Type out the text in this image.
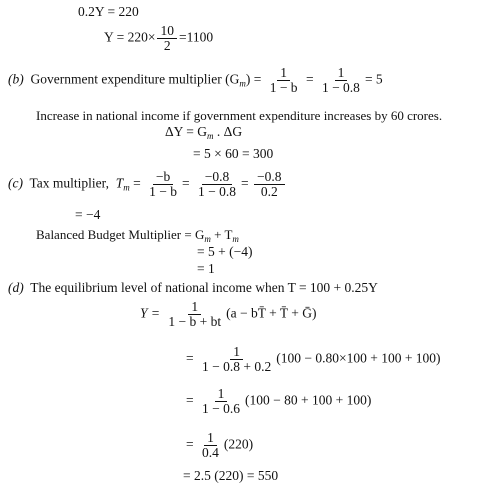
0.2Y = 220
$Y = 220\times \frac{10}{2} =1100$
(b) Government expenditure multiplier $(G_m) = \frac{1}{1 - b} = \frac{1}{1 - 0.8} = 5$
Increase in national income if government expenditure increases by 60 crores.
$\Delta Y = G_m$ . ΔG
= 5 × 60 = 300
(c) Tax multiplier, $T_m = \frac{-b}{1 - b} = \frac{-0.8}{1 - 0.8} = \frac{-0.8}{0.2}$
= −4
Balanced Budget Multiplier = $G_m + T_m$
= 5 + (−4)
= 1
(d) The equilibrium level of national income when T = 100 + 0.25Y
$Y = \frac{1}{1 - b + bt} (a$ − bT̄ + T̄ + Ḡ)
= $\frac{1}{1 - 0.8 + 0.2} (100 - 0.80\times 100 + 100 + 100)$
= $\frac{1}{1 - 0.6} (100 - 80 + 100 + 100)$
= $\frac{1}{0.4} (220)$
= 2.5 (220) = 550
